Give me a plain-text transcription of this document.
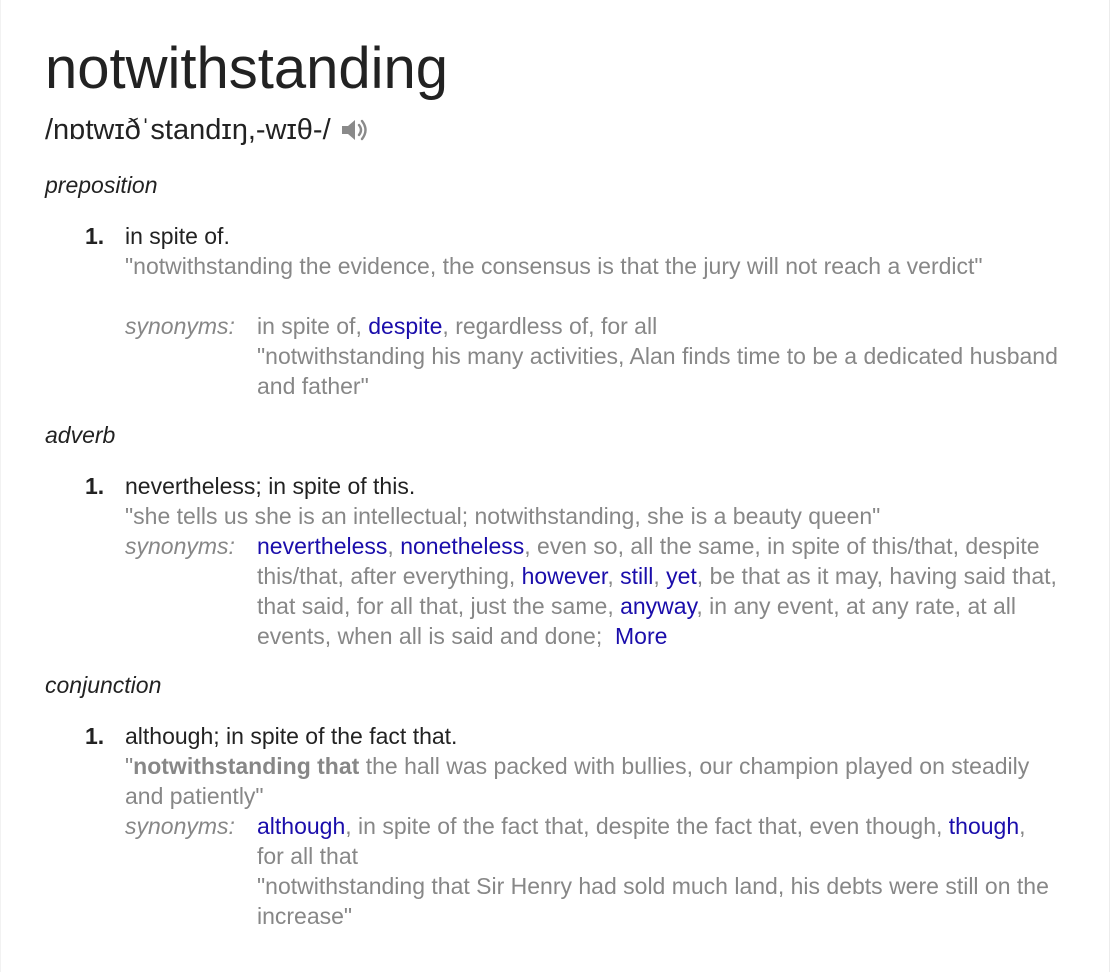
notwithstanding
/nɒtwɪðˈstandɪŋ,-wɪθ-/
preposition
1. in spite of.
"notwithstanding the evidence, the consensus is that the jury will not reach a verdict"
synonyms: in spite of, despite, regardless of, for all
"notwithstanding his many activities, Alan finds time to be a dedicated husband and father"
adverb
1. nevertheless; in spite of this.
"she tells us she is an intellectual; notwithstanding, she is a beauty queen"
synonyms: nevertheless, nonetheless, even so, all the same, in spite of this/that, despite this/that, after everything, however, still, yet, be that as it may, having said that, that said, for all that, just the same, anyway, in any event, at any rate, at all events, when all is said and done;  More
conjunction
1. although; in spite of the fact that.
"notwithstanding that the hall was packed with bullies, our champion played on steadily and patiently"
synonyms: although, in spite of the fact that, despite the fact that, even though, though, for all that
"notwithstanding that Sir Henry had sold much land, his debts were still on the increase"
